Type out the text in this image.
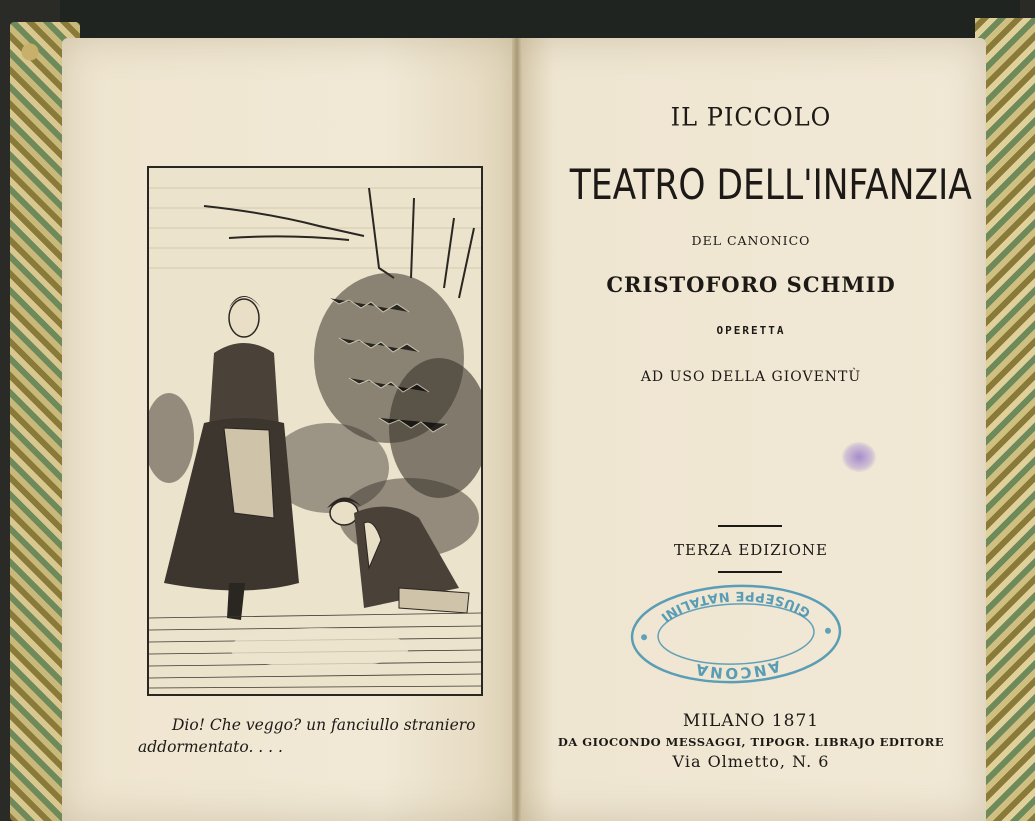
Dio! Che veggo? un fanciullo straniero
addormentato. . . .
IL PICCOLO
TEATRO DELL'INFANZIA
DEL CANONICO
CRISTOFORO SCHMID
OPERETTA
AD USO DELLA GIOVENTÙ
TERZA EDIZIONE
ANCONA
GIUSEPPE NATALINI
MILANO 1871
DA GIOCONDO MESSAGGI, TIPOGR. LIBRAJO EDITORE
Via Olmetto, N. 6
